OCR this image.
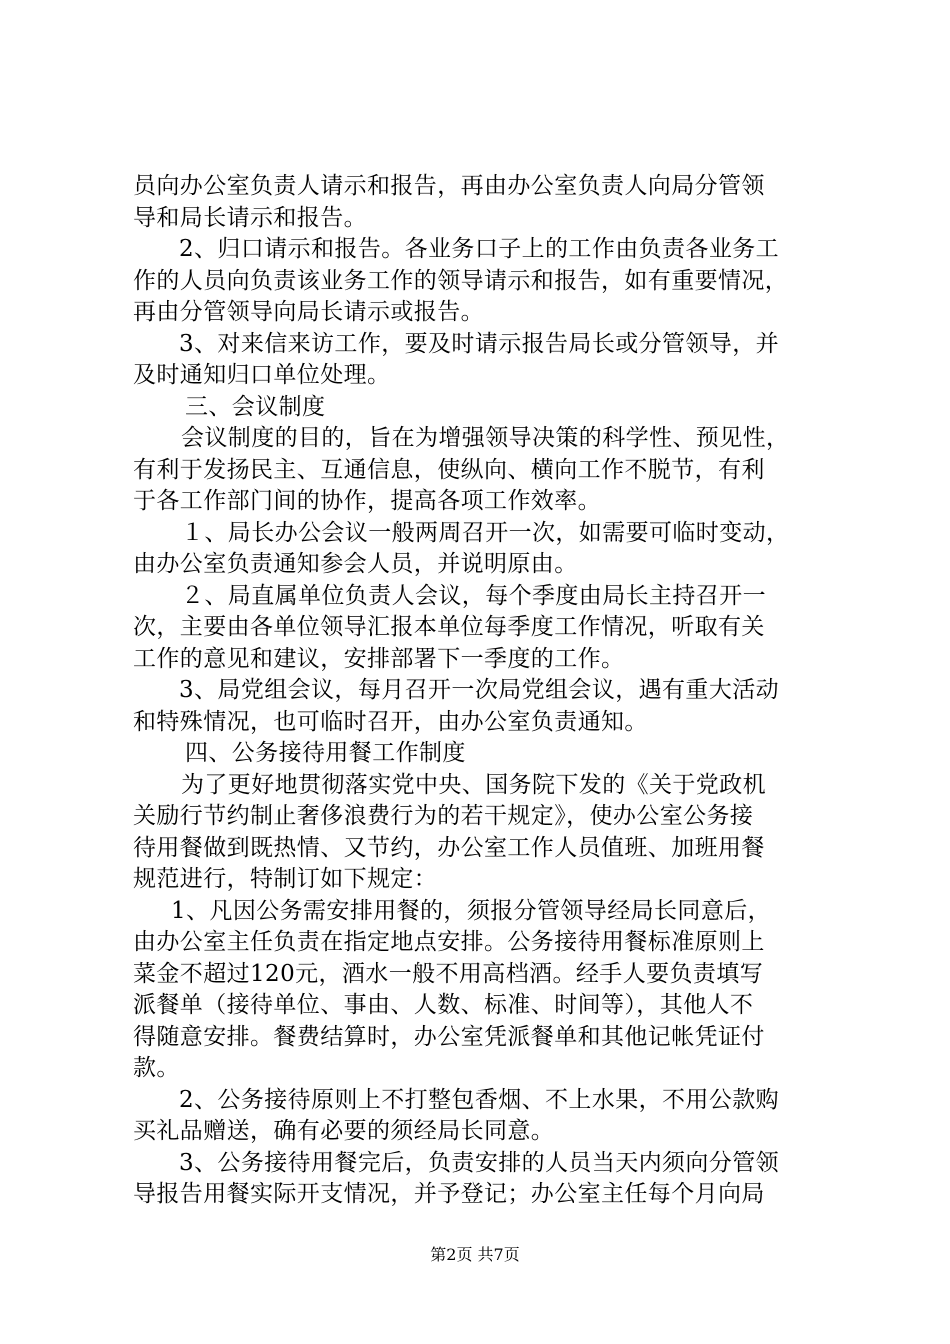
员向办公室负责人请示和报告，再由办公室负责人向局分管领
导和局长请示和报告。
2、归口请示和报告。各业务口子上的工作由负责各业务工
作的人员向负责该业务工作的领导请示和报告，如有重要情况，
再由分管领导向局长请示或报告。
3、对来信来访工作，要及时请示报告局长或分管领导，并
及时通知归口单位处理。
三、会议制度
会议制度的目的，旨在为增强领导决策的科学性、预见性，
有利于发扬民主、互通信息，使纵向、横向工作不脱节，有利
于各工作部门间的协作，提高各项工作效率。
１、局长办公会议一般两周召开一次，如需要可临时变动，
由办公室负责通知参会人员，并说明原由。
２、局直属单位负责人会议，每个季度由局长主持召开一
次，主要由各单位领导汇报本单位每季度工作情况，听取有关
工作的意见和建议，安排部署下一季度的工作。
3、局党组会议，每月召开一次局党组会议，遇有重大活动
和特殊情况，也可临时召开，由办公室负责通知。
四、公务接待用餐工作制度
为了更好地贯彻落实党中央、国务院下发的《关于党政机
关励行节约制止奢侈浪费行为的若干规定》，使办公室公务接
待用餐做到既热情、又节约，办公室工作人员值班、加班用餐
规范进行，特制订如下规定：
1、凡因公务需安排用餐的，须报分管领导经局长同意后，
由办公室主任负责在指定地点安排。公务接待用餐标准原则上
菜金不超过120元，酒水一般不用高档酒。经手人要负责填写
派餐单（接待单位、事由、人数、标准、时间等），其他人不
得随意安排。餐费结算时，办公室凭派餐单和其他记帐凭证付
款。
2、公务接待原则上不打整包香烟、不上水果，不用公款购
买礼品赠送，确有必要的须经局长同意。
3、公务接待用餐完后，负责安排的人员当天内须向分管领
导报告用餐实际开支情况，并予登记；办公室主任每个月向局
第2页 共7页
